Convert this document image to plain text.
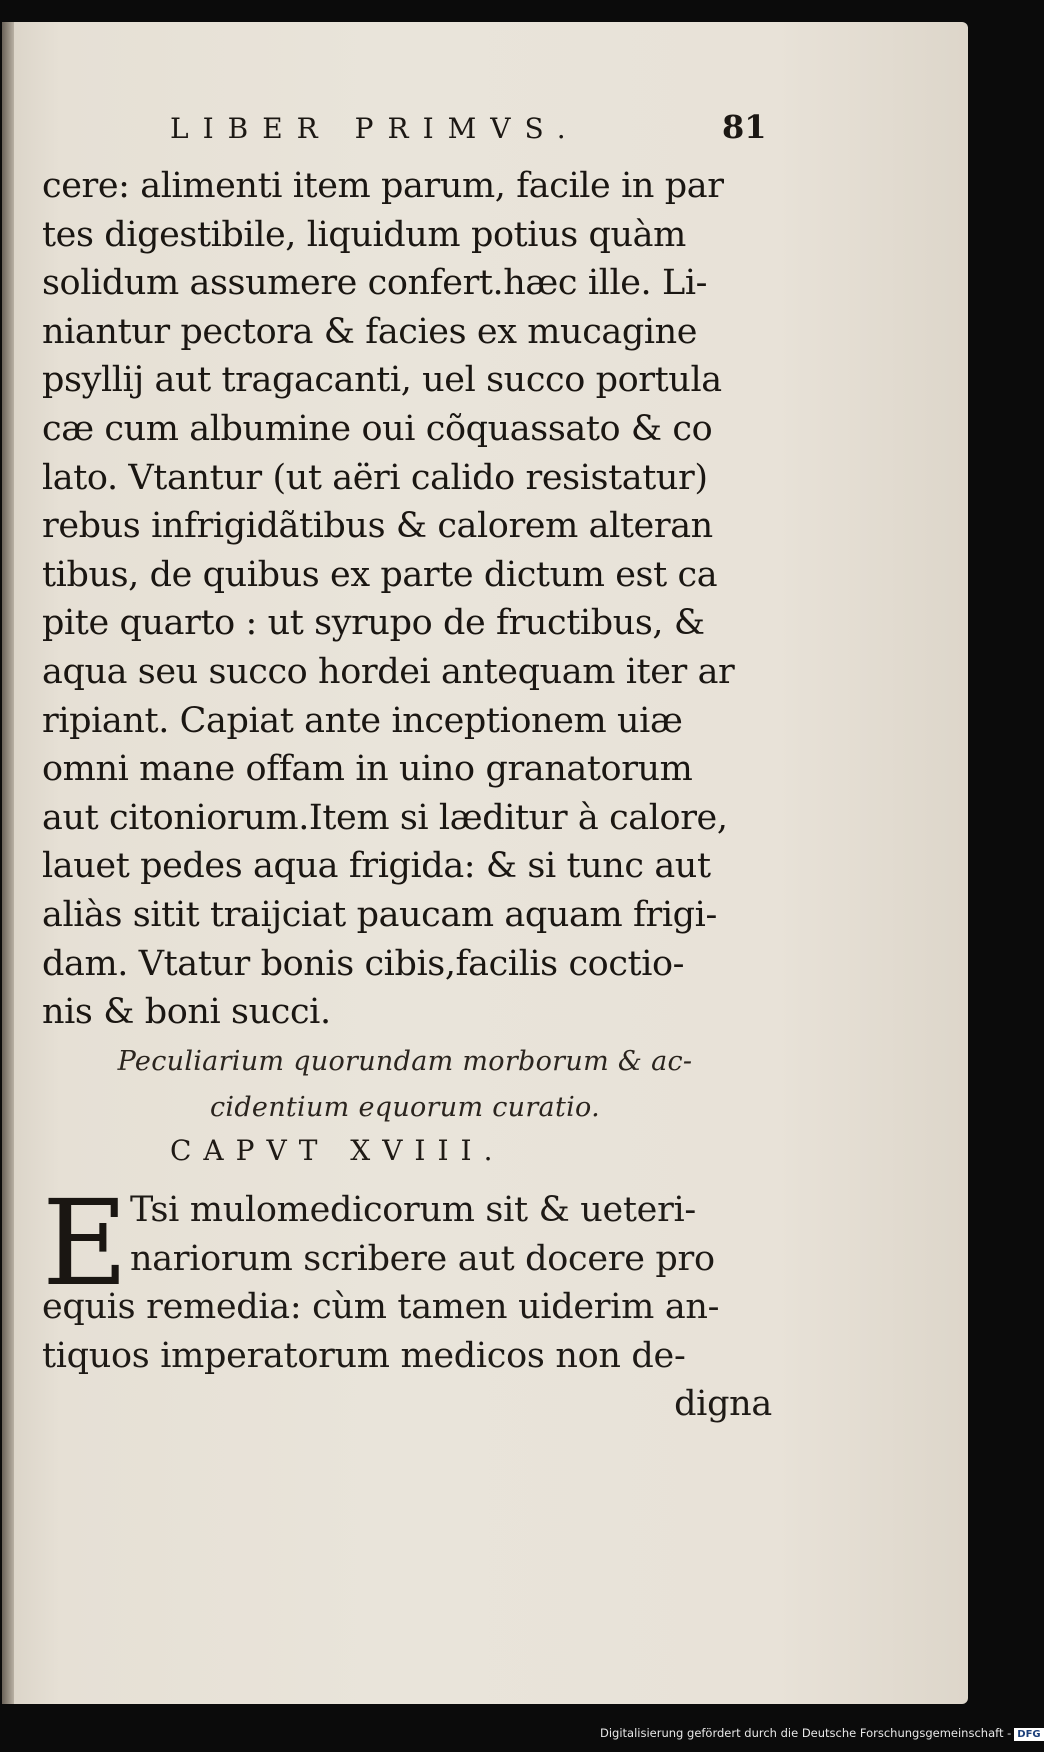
LIBER PRIMVS.	81
cere: alimenti item parum, facile in par
tes digestibile, liquidum potius quàm
solidum assumere confert.hæc ille. Li-
niantur pectora & facies ex mucagine
psyllij aut tragacanti, uel succo portula
cæ cum albumine oui cõquassato & co
lato. Vtantur (ut aëri calido resistatur)
rebus infrigidãtibus & calorem alteran
tibus, de quibus ex parte dictum est ca
pite quarto : ut syrupo de fructibus, &
aqua seu succo hordei antequam iter ar
ripiant. Capiat ante inceptionem uiæ
omni mane offam in uino granatorum
aut citoniorum.Item si læditur à calore,
lauet pedes aqua frigida: & si tunc aut
aliàs sitit traijciat paucam aquam frigi-
dam. Vtatur bonis cibis,facilis coctio-
nis & boni succi.
Peculiarium quorundam morborum & ac-
cidentium equorum curatio.
CAPVT XVIII.
E Tsi mulomedicorum sit & ueteri-
nariorum scribere aut docere pro
equis remedia: cùm tamen uiderim an-
tiquos imperatorum medicos non de-
digna
Digitalisierung gefördert durch die Deutsche Forschungsgemeinschaft - DFG
